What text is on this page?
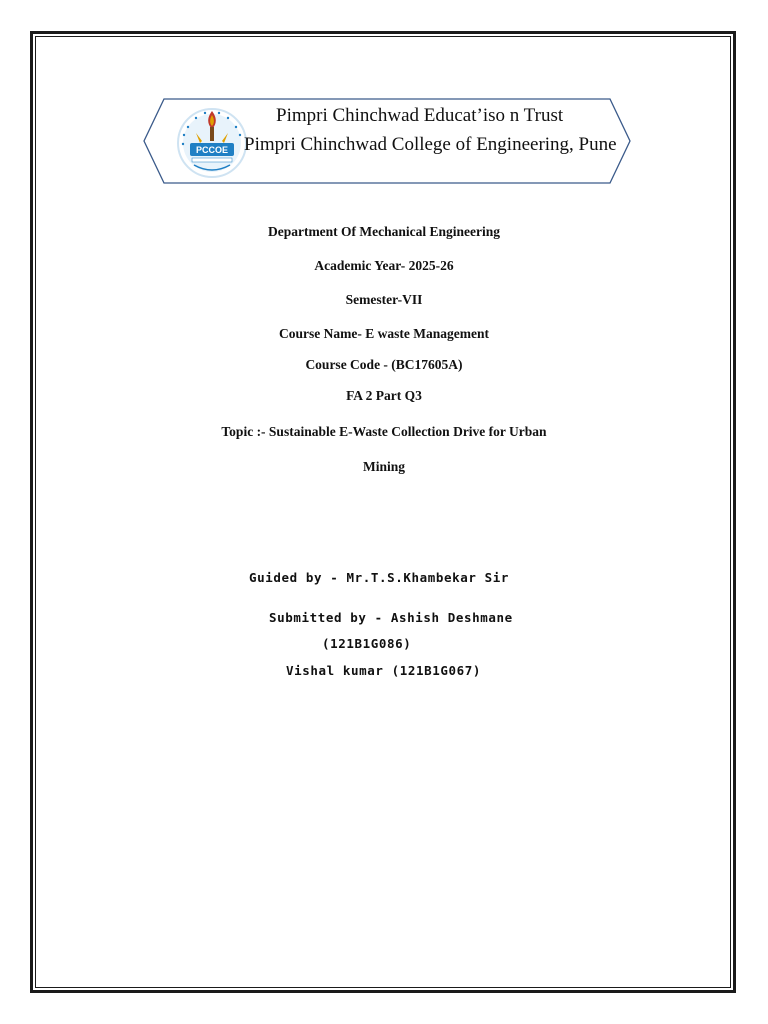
PCCOE
Pimpri Chinchwad Educat’iso n Trust
Pimpri Chinchwad College of Engineering, Pune
Department Of Mechanical Engineering
Academic Year- 2025-26
Semester-VII
Course Name- E waste Management
Course Code - (BC17605A)
FA 2 Part Q3
Topic :- Sustainable E-Waste Collection Drive for Urban
Mining
Guided by - Mr.T.S.Khambekar Sir
Submitted by - Ashish Deshmane
(121B1G086)
Vishal kumar (121B1G067)
